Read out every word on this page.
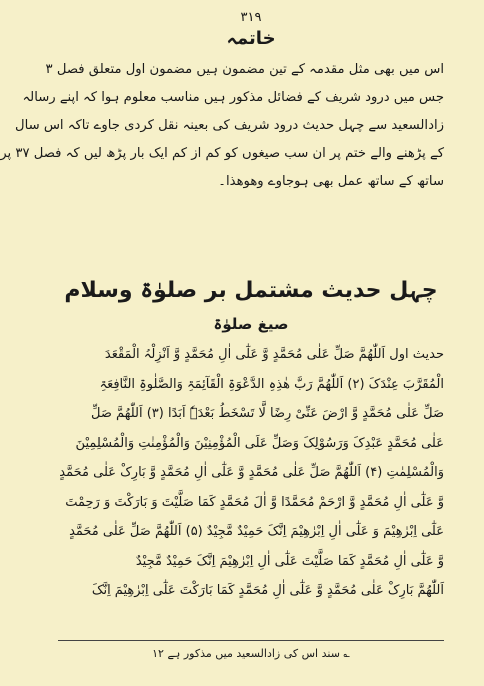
۳۱۹
خاتمہ
اس میں بھی مثل مقدمہ کے تین مضمون ہیں مضمون اول متعلق فصل ۳
جس میں درود شریف کے فضائل مذکور ہیں مناسب معلوم ہوا کہ اپنے رسالہ
زادالسعید سے چہل حدیث درود شریف کی بعینہ نقل کردی جاوے تاکہ اس سال
کے پڑھنے والے ختم پر ان سب صیغوں کو کم از کم ایک بار پڑھ لیں کہ فصل ۳۷ پر
ساتھ کے ساتھ عمل بھی ہوجاوے وھوھذا۔
چہل حدیث مشتمل بر صلوٰۃ وسلام
صیغ صلوٰۃ
حدیث اول اَللّٰھُمَّ صَلِّ عَلٰی مُحَمَّدٍ وَّ عَلٰٓی اٰلِ مُحَمَّدٍ وَّ اَنْزِلْہُ الْمَقْعَدَ
الْمُقَرَّبَ عِنْدَکَ (۲) اَللّٰھُمَّ رَبَّ ھٰذِہِ الدَّعْوَۃِ الْقَآئِمَۃِ وَالصَّلٰوۃِ النَّافِعَۃِ
صَلِّ عَلٰی مُحَمَّدٍ وَّ ارْضَ عَنِّیْ رِضًا لَّا تَسْخَطُ بَعْدَہٗ اَبَدًا (۳) اَللّٰھُمَّ صَلِّ
عَلٰی مُحَمَّدٍ عَبْدِکَ وَرَسُوْلِکَ وَصَلِّ عَلَی الْمُؤْمِنِیْنَ وَالْمُؤْمِنٰتِ وَالْمُسْلِمِیْنَ
وَالْمُسْلِمٰتِ (۴) اَللّٰھُمَّ صَلِّ عَلٰی مُحَمَّدٍ وَّ عَلٰٓی اٰلِ مُحَمَّدٍ وَّ بَارِکْ عَلٰی مُحَمَّدٍ
وَّ عَلٰٓی اٰلِ مُحَمَّدٍ وَّ ارْحَمْ مُحَمَّدًا وَّ اٰلَ مُحَمَّدٍ کَمَا صَلَّیْتَ وَ بَارَکْتَ وَ رَحِمْتَ
عَلٰٓی اِبْرٰھِیْمَ وَ عَلٰٓی اٰلِ اِبْرٰھِیْمَ اِنَّکَ حَمِیْدٌ مَّجِیْدٌ (۵) اَللّٰھُمَّ صَلِّ عَلٰی مُحَمَّدٍ
وَّ عَلٰٓی اٰلِ مُحَمَّدٍ کَمَا صَلَّیْتَ عَلٰٓی اٰلِ اِبْرٰھِیْمَ اِنَّکَ حَمِیْدٌ مَّجِیْدٌ
اَللّٰھُمَّ بَارِکْ عَلٰی مُحَمَّدٍ وَّ عَلٰٓی اٰلِ مُحَمَّدٍ کَمَا بَارَکْتَ عَلٰٓی اِبْرٰھِیْمَ اِنَّکَ
؎ سند اس کی زادالسعید میں مذکور ہے ۱۲
